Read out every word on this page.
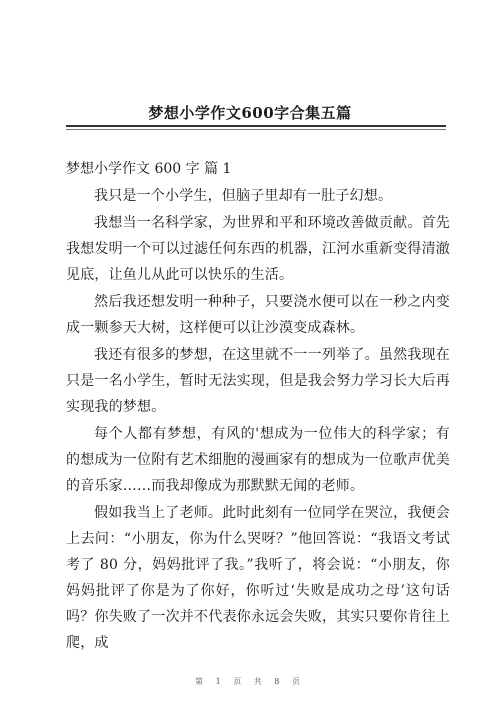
梦想小学作文600字合集五篇
梦想小学作文 600 字 篇 1

我只是一个小学生，但脑子里却有一肚子幻想。

我想当一名科学家，为世界和平和环境改善做贡献。首先我想发明一个可以过滤任何东西的机器，江河水重新变得清澈见底，让鱼儿从此可以快乐的生活。

然后我还想发明一种种子，只要浇水便可以在一秒之内变成一颗参天大树，这样便可以让沙漠变成森林。

我还有很多的梦想，在这里就不一一列举了。虽然我现在只是一名小学生，暂时无法实现，但是我会努力学习长大后再实现我的梦想。

每个人都有梦想，有风的'想成为一位伟大的科学家；有的想成为一位附有艺术细胞的漫画家有的想成为一位歌声优美的音乐家……而我却像成为那默默无闻的老师。

假如我当上了老师。此时此刻有一位同学在哭泣，我便会上去问：“小朋友，你为什么哭呀？”他回答说：“我语文考试考了 80 分，妈妈批评了我。”我听了，将会说：“小朋友，你妈妈批评了你是为了你好，你听过‘失败是成功之母’这句话吗？你失败了一次并不代表你永远会失败，其实只要你肯往上爬，成

第 1 页 共 8 页
